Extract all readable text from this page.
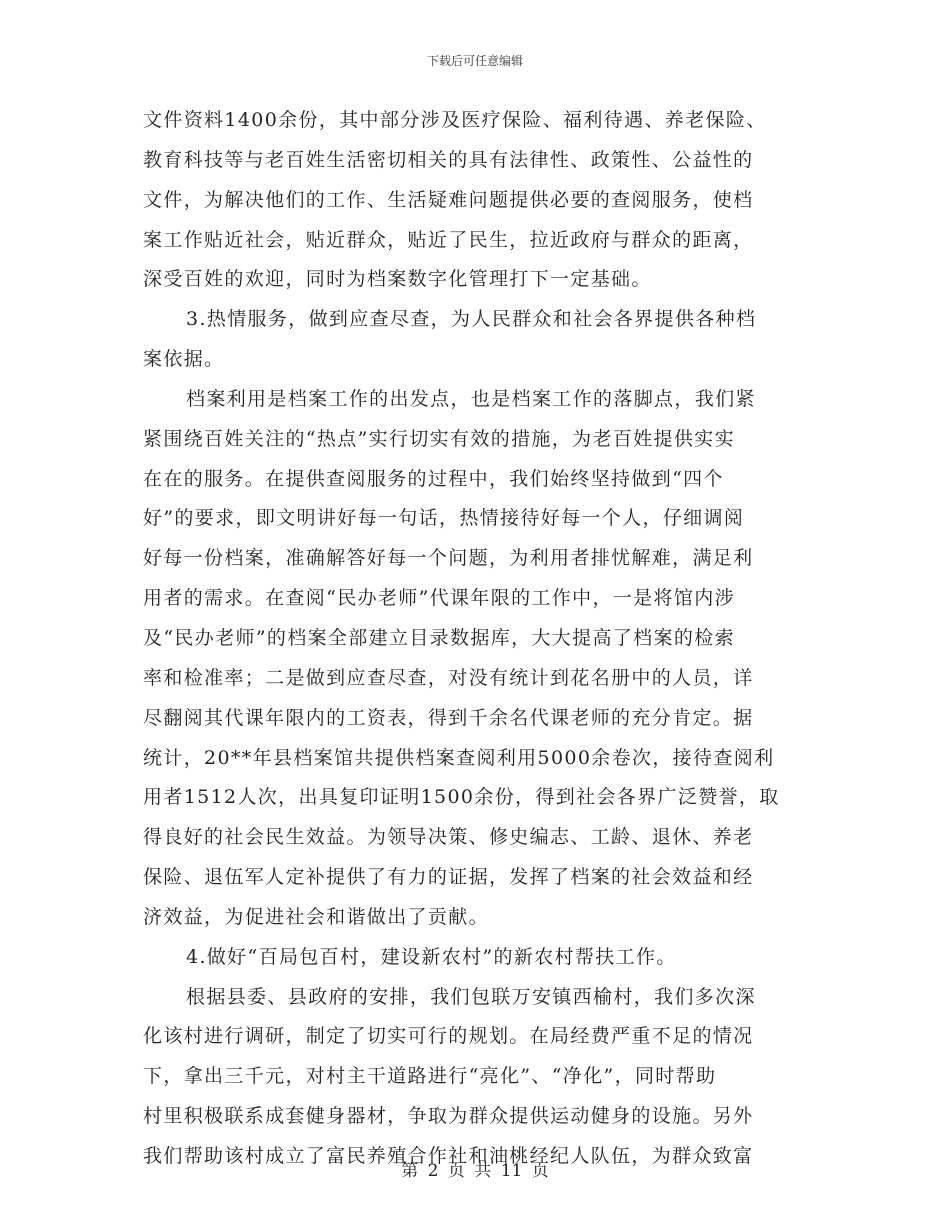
下载后可任意编辑
文件资料1400余份，其中部分涉及医疗保险、福利待遇、养老保险、
教育科技等与老百姓生活密切相关的具有法律性、政策性、公益性的
文件，为解决他们的工作、生活疑难问题提供必要的查阅服务，使档
案工作贴近社会，贴近群众，贴近了民生，拉近政府与群众的距离，
深受百姓的欢迎，同时为档案数字化管理打下一定基础。
3.热情服务，做到应查尽查，为人民群众和社会各界提供各种档
案依据。
档案利用是档案工作的出发点，也是档案工作的落脚点，我们紧
紧围绕百姓关注的“热点”实行切实有效的措施，为老百姓提供实实
在在的服务。在提供查阅服务的过程中，我们始终坚持做到“四个
好”的要求，即文明讲好每一句话，热情接待好每一个人，仔细调阅
好每一份档案，准确解答好每一个问题，为利用者排忧解难，满足利
用者的需求。在查阅“民办老师”代课年限的工作中，一是将馆内涉
及“民办老师”的档案全部建立目录数据库，大大提高了档案的检索
率和检准率；二是做到应查尽查，对没有统计到花名册中的人员，详
尽翻阅其代课年限内的工资表，得到千余名代课老师的充分肯定。据
统计，20**年县档案馆共提供档案查阅利用5000余卷次，接待查阅利
用者1512人次，出具复印证明1500余份，得到社会各界广泛赞誉，取
得良好的社会民生效益。为领导决策、修史编志、工龄、退休、养老
保险、退伍军人定补提供了有力的证据，发挥了档案的社会效益和经
济效益，为促进社会和谐做出了贡献。
4.做好“百局包百村，建设新农村”的新农村帮扶工作。
根据县委、县政府的安排，我们包联万安镇西榆村，我们多次深
化该村进行调研，制定了切实可行的规划。在局经费严重不足的情况
下，拿出三千元，对村主干道路进行“亮化”、“净化”，同时帮助
村里积极联系成套健身器材，争取为群众提供运动健身的设施。另外
我们帮助该村成立了富民养殖合作社和油桃经纪人队伍，为群众致富
第 2 页 共 11 页
